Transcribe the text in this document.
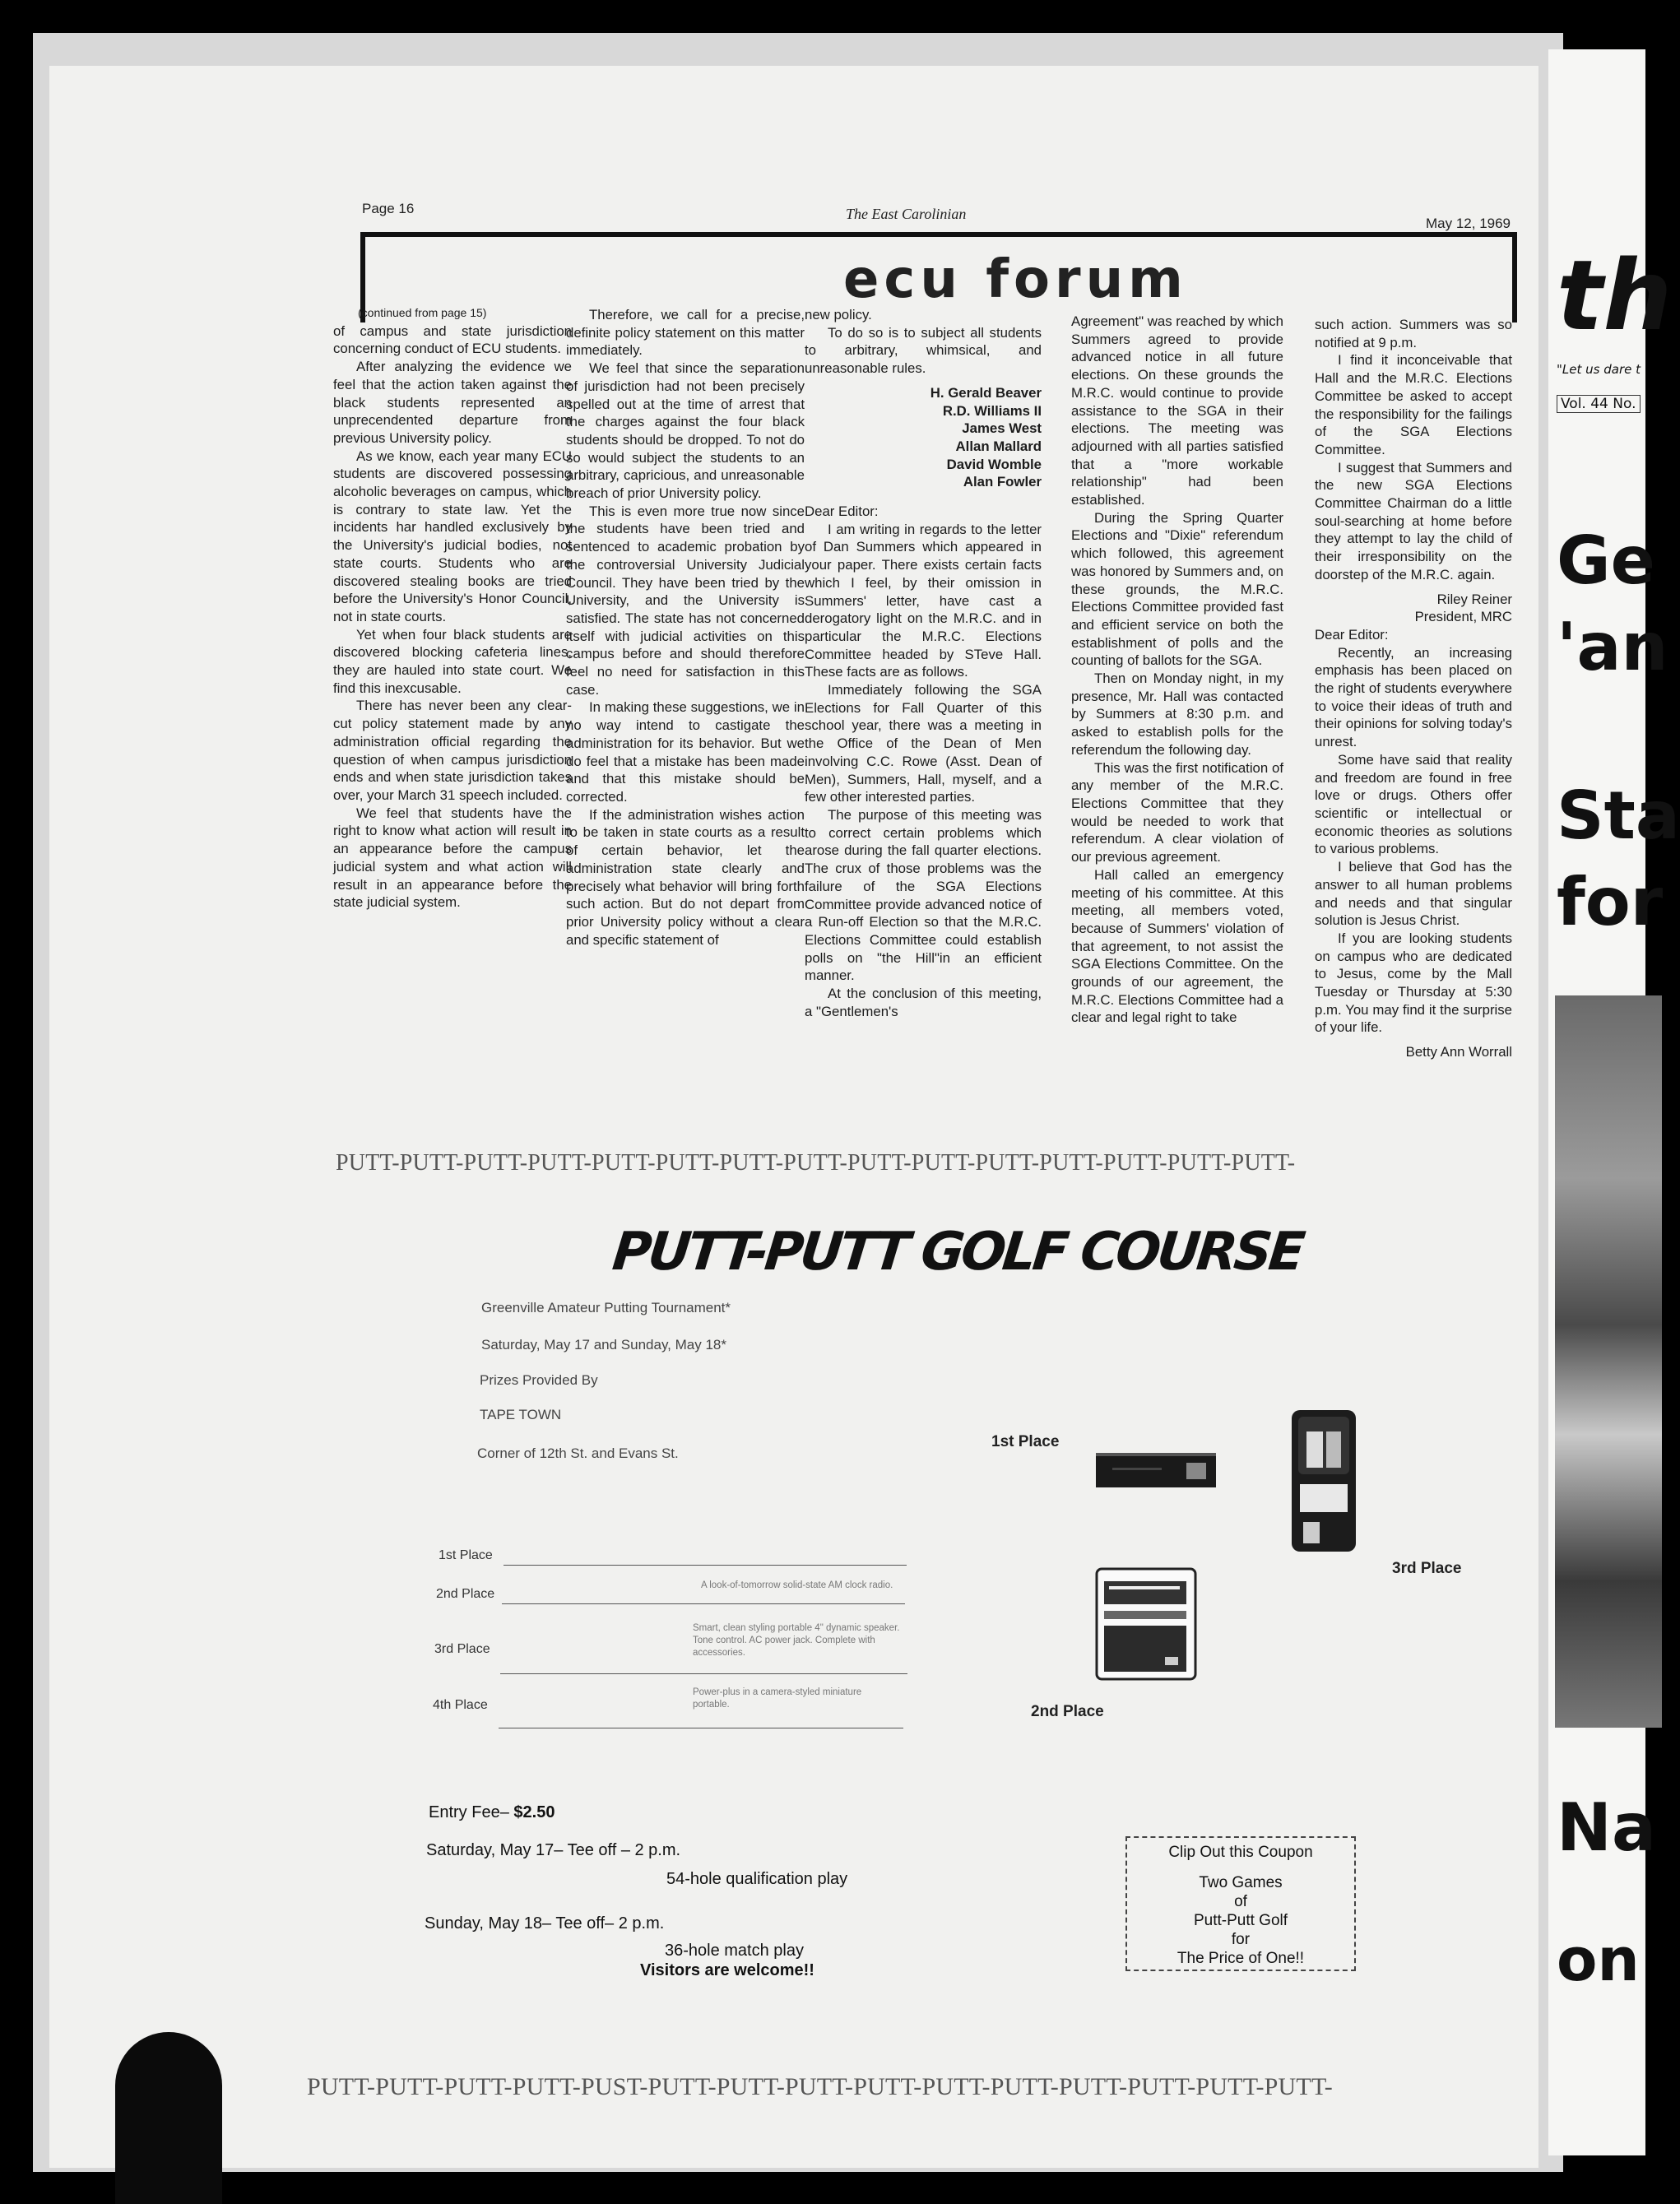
th
"Let us dare t
Vol. 44 No.
Ge
'an
Sta
for
Na
on
Page 16	The East Carolinian
May 12, 1969
ecu forum

(continued from page 15)

of campus and state jurisdiction concerning conduct of ECU students.

After analyzing the evidence we feel that the action taken against the black students represented an unprecendented departure from previous University policy.

As we know, each year many ECU students are discovered possessing alcoholic beverages on campus, which is contrary to state law. Yet the incidents har handled exclusively by the University's judicial bodies, not state courts. Students who are discovered stealing books are tried before the University's Honor Council, not in state courts.

Yet when four black students are discovered blocking cafeteria lines, they are hauled into state court. We find this inexcusable.

There has never been any clear-cut policy statement made by any administration official regarding the question of when campus jurisdiction ends and when state jurisdiction takes over, your March 31 speech included.

We feel that students have the right to know what action will result in an appearance before the campus judicial system and what action will result in an appearance before the state judicial system.

Therefore, we call for a precise, definite policy statement on this matter immediately.

We feel that since the separation of jurisdiction had not been precisely spelled out at the time of arrest that the charges against the four black students should be dropped. To not do so would subject the students to an arbitrary, capricious, and unreasonable breach of prior University policy.

This is even more true now since the students have been tried and sentenced to academic probation by the controversial University Judicial Council. They have been tried by the University, and the University is satisfied. The state has not concerned itself with judicial activities on this campus before and should therefore feel no need for satisfaction in this case.

In making these suggestions, we in no way intend to castigate the administration for its behavior. But we do feel that a mistake has been made and that this mistake should be corrected.

If the administration wishes action to be taken in state courts as a result of certain behavior, let the administration state clearly and precisely what behavior will bring forth such action. But do not depart from prior University policy without a clear and specific statement of

new policy.

To do so is to subject all students to arbitrary, whimsical, and unreasonable rules.

H. Gerald Beaver

R.D. Williams II

James West

Allan Mallard

David Womble

Alan Fowler

Dear Editor:

I am writing in regards to the letter of Dan Summers which appeared in your paper. There exists certain facts which I feel, by their omission in Summers' letter, have cast a derogatory light on the M.R.C. and in particular the M.R.C. Elections Committee headed by STeve Hall. These facts are as follows.

Immediately following the SGA Elections for Fall Quarter of this school year, there was a meeting in the Office of the Dean of Men involving C.C. Rowe (Asst. Dean of Men), Summers, Hall, myself, and a few other interested parties.

The purpose of this meeting was to correct certain problems which arose during the fall quarter elections. The crux of those problems was the failure of the SGA Elections Committee provide advanced notice of a Run-off Election so that the M.R.C. Elections Committee could establish polls on "the Hill"in an efficient manner.

At the conclusion of this meeting, a "Gentlemen's

Agreement" was reached by which Summers agreed to provide advanced notice in all future elections. On these grounds the M.R.C. would continue to provide assistance to the SGA in their elections. The meeting was adjourned with all parties satisfied that a "more workable relationship" had been established.

During the Spring Quarter Elections and "Dixie" referendum which followed, this agreement was honored by Summers and, on these grounds, the M.R.C. Elections Committee provided fast and efficient service on both the establishment of polls and the counting of ballots for the SGA.

Then on Monday night, in my presence, Mr. Hall was contacted by Summers at 8:30 p.m. and asked to establish polls for the referendum the following day.

This was the first notification of any member of the M.R.C. Elections Committee that they would be needed to work that referendum. A clear violation of our previous agreement.

Hall called an emergency meeting of his committee. At this meeting, all members voted, because of Summers' violation of that agreement, to not assist the SGA Elections Committee. On the grounds of our agreement, the M.R.C. Elections Committee had a clear and legal right to take

such action. Summers was so notified at 9 p.m.

I find it inconceivable that Hall and the M.R.C. Elections Committee be asked to accept the responsibility for the failings of the SGA Elections Committee.

I suggest that Summers and the new SGA Elections Committee Chairman do a little soul-searching at home before they attempt to lay the child of their irresponsibility on the doorstep of the M.R.C. again.

Riley Reiner

President, MRC

Dear Editor:

Recently, an increasing emphasis has been placed on the right of students everywhere to voice their ideas of truth and their opinions for solving today's unrest.

Some have said that reality and freedom are found in free love or drugs. Others offer scientific or intellectual or economic theories as solutions to various problems.

I believe that God has the answer to all human problems and needs and that singular solution is Jesus Christ.

If you are looking students on campus who are dedicated to Jesus, come by the Mall Tuesday or Thursday at 5:30 p.m. You may find it the surprise of your life.

Betty Ann Worrall

PUTT-PUTT-PUTT-PUTT-PUTT-PUTT-PUTT-PUTT-PUTT-PUTT-PUTT-PUTT-PUTT-PUTT-PUTT-
PUTT-PUTT GOLF COURSE
Greenville Amateur Putting Tournament*
Saturday, May 17 and Sunday, May 18*
Prizes Provided By
TAPE TOWN
Corner of 12th St. and Evans St.
1st Place
2nd Place
A look-of-tomorrow solid-state AM clock radio.
3rd Place
Smart, clean styling portable 4" dynamic speaker. Tone control. AC power jack. Complete with accessories.
4th Place
Power-plus in a camera-styled miniature portable.
1st Place
3rd Place
2nd Place
Entry Fee– $2.50
Saturday, May 17– Tee off – 2 p.m.
54-hole qualification play
Sunday, May 18– Tee off– 2 p.m.
36-hole match play
Visitors are welcome!!
Clip Out this Coupon
Two Games
of
Putt-Putt Golf
for
The Price of One!!
PUTT-PUTT-PUTT-PUTT-PUST-PUTT-PUTT-PUTT-PUTT-PUTT-PUTT-PUTT-PUTT-PUTT-PUTT-
